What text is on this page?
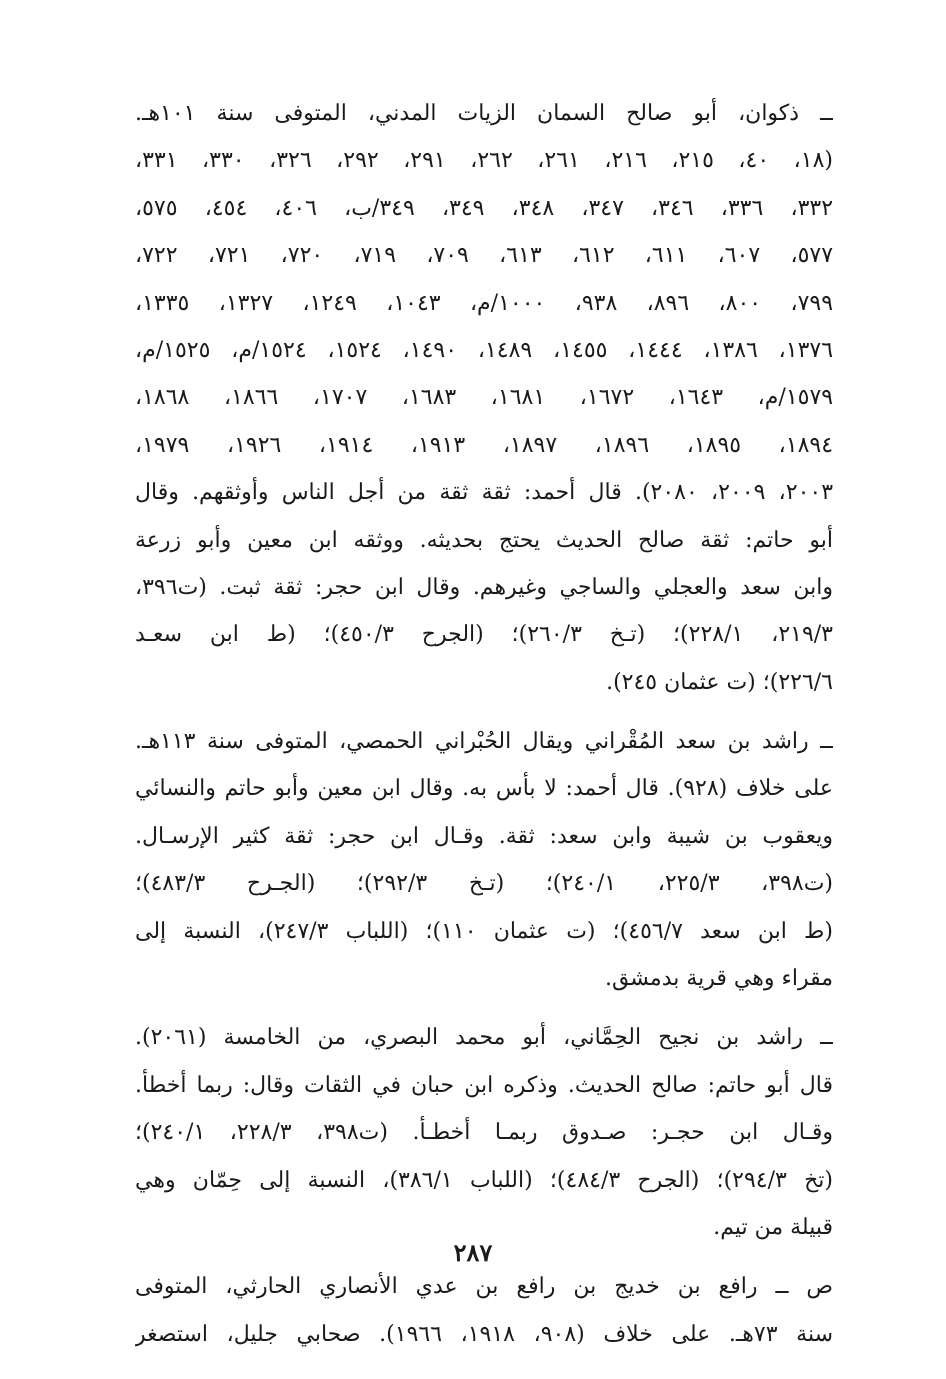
ــ ذكوان، أبو صالح السمان الزيات المدني، المتوفى سنة ١٠١هـ.
(١٨، ٤٠، ٢١٥، ٢١٦، ٢٦١، ٢٦٢، ٢٩١، ٢٩٢، ٣٢٦، ٣٣٠، ٣٣١،
٣٣٢، ٣٣٦، ٣٤٦، ٣٤٧، ٣٤٨، ٣٤٩، ٣٤٩/ب، ٤٠٦، ٤٥٤، ٥٧٥،
٥٧٧، ٦٠٧، ٦١١، ٦١٢، ٦١٣، ٧٠٩، ٧١٩، ٧٢٠، ٧٢١، ٧٢٢،
٧٩٩، ٨٠٠، ٨٩٦، ٩٣٨، ١٠٠٠/م، ١٠٤٣، ١٢٤٩، ١٣٢٧، ١٣٣٥،
١٣٧٦، ١٣٨٦، ١٤٤٤، ١٤٥٥، ١٤٨٩، ١٤٩٠، ١٥٢٤، ١٥٢٤/م، ١٥٢٥/م،
١٥٧٩/م، ١٦٤٣، ١٦٧٢، ١٦٨١، ١٦٨٣، ١٧٠٧، ١٨٦٦، ١٨٦٨،
١٨٩٤، ١٨٩٥، ١٨٩٦، ١٨٩٧، ١٩١٣، ١٩١٤، ١٩٢٦، ١٩٧٩،
٢٠٠٣، ٢٠٠٩، ٢٠٨٠). قال أحمد: ثقة ثقة من أجل الناس وأوثقهم. وقال
أبو حاتم: ثقة صالح الحديث يحتج بحديثه. ووثقه ابن معين وأبو زرعة
وابن سعد والعجلي والساجي وغيرهم. وقال ابن حجر: ثقة ثبت. (ت٣٩٦،
٢١٩/٣، ٢٢٨/١)؛ (تـخ ٢٦٠/٣)؛ (الجرح ٤٥٠/٣)؛ (ط ابن سعـد
٢٢٦/٦)؛ (ت عثمان ٢٤٥).
ــ راشد بن سعد المُقْراني ويقال الحُبْراني الحمصي، المتوفى سنة ١١٣هـ.
على خلاف (٩٢٨). قال أحمد: لا بأس به. وقال ابن معين وأبو حاتم والنسائي
ويعقوب بن شيبة وابن سعد: ثقة. وقـال ابن حجر: ثقة كثير الإرسـال.
(ت٣٩٨، ٢٢٥/٣، ٢٤٠/١)؛ (تـخ ٢٩٢/٣)؛ (الجـرح ٤٨٣/٣)؛
(ط ابن سعد ٤٥٦/٧)؛ (ت عثمان ١١٠)؛ (اللباب ٢٤٧/٣)، النسبة إلى
مقراء وهي قرية بدمشق.
ــ راشد بن نجيح الحِمَّاني، أبو محمد البصري، من الخامسة (٢٠٦١).
قال أبو حاتم: صالح الحديث. وذكره ابن حبان في الثقات وقال: ربما أخطأ.
وقـال ابن حجـر: صـدوق ربمـا أخطـأ. (ت٣٩٨، ٢٢٨/٣، ٢٤٠/١)؛
(تخ ٢٩٤/٣)؛ (الجرح ٤٨٤/٣)؛ (اللباب ٣٨٦/١)، النسبة إلى حِمّان وهي
قبيلة من تيم.
ص ــ رافع بن خديج بن رافع بن عدي الأنصاري الحارثي، المتوفى
سنة ٧٣هـ. على خلاف (٩٠٨، ١٩١٨، ١٩٦٦). صحابي جليل، استصغر
٢٨٧
